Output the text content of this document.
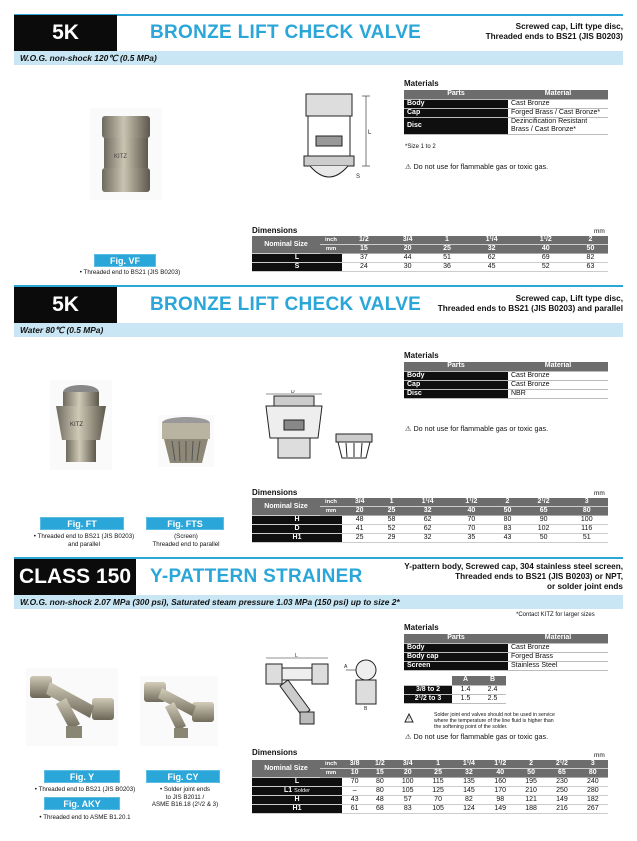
5K	BRONZE LIFT CHECK VALVE	Screwed cap, Lift type disc,
Threaded ends to BS21 (JIS B0203)
W.O.G. non-shock 120℃ (0.5 MPa)
KITZ
Fig. VF
• Threaded end to BS21 (JIS B0203)
L
S
Materials
Parts	Material
Body	Cast Bronze
Cap	Forged Brass / Cast Bronze*
Disc	Dezincification Resistant
Brass / Cast Bronze*
*Size 1 to 2
⚠ Do not use for flammable gas or toxic gas.
Dimensions	mm
Nominal Size	inch	1/2	3/4	1	1¹/4	1¹/2	2
	mm	15	20	25	32	40	50
L		37	44	51	62	69	82
S		24	30	36	45	52	63
5K	BRONZE LIFT CHECK VALVE	Screwed cap, Lift type disc,
Threaded ends to BS21 (JIS B0203) and parallel
Water 80℃ (0.5 MPa)
KITZ
Fig. FT
• Threaded end to BS21 (JIS B0203)
and parallel
Fig. FTS
(Screen)
Threaded end to parallel
D
Materials
Parts	Material
Body	Cast Bronze
Cap	Cast Bronze
Disc	NBR
⚠ Do not use for flammable gas or toxic gas.
Dimensions	mm
Nominal Size	inch	3/4	1	1¹/4	1¹/2	2	2¹/2	3
	mm	20	25	32	40	50	65	80
H		48	58	62	70	80	90	100
D		41	52	62	70	83	102	116
H1		25	29	32	35	43	50	51
CLASS 150 Y-PATTERN STRAINER	Y-pattern body, Screwed cap, 304 stainless steel screen,
Threaded ends to BS21 (JIS B0203) or NPT,
or solder joint ends
W.O.G. non-shock 2.07 MPa (300 psi), Saturated steam pressure 1.03 MPa (150 psi) up to size 2*
*Contact KITZ for larger sizes
Fig. Y
• Threaded end to BS21 (JIS B0203)
Fig. AKY
• Threaded end to ASME B1.20.1
Fig. CY
• Solder joint ends
to JIS B2011 /
ASME B16.18 (2¹/2 & 3)
L
A
B
Materials
Parts	Material
Body	Cast Bronze
Body cap	Forged Brass
Screen	Stainless Steel
	A	B
3/8 to 2	1.4	2.4
2¹/2 to 3	1.5	2.5
!
Solder joint end valves should not be used in service
where the temperature of the line fluid is higher than
the softening point of the solder.
⚠ Do not use for flammable gas or toxic gas.
Dimensions	mm
Nominal Size	inch	3/8	1/2	3/4	1	1¹/4	1¹/2	2	2¹/2	3
	mm	10	15	20	25	32	40	50	65	80
L		70	80	100	115	135	160	195	230	240
L1 Solder		–	80	105	125	145	170	210	250	280
H		43	48	57	70	82	98	121	149	182
H1		61	68	83	105	124	149	188	216	267
